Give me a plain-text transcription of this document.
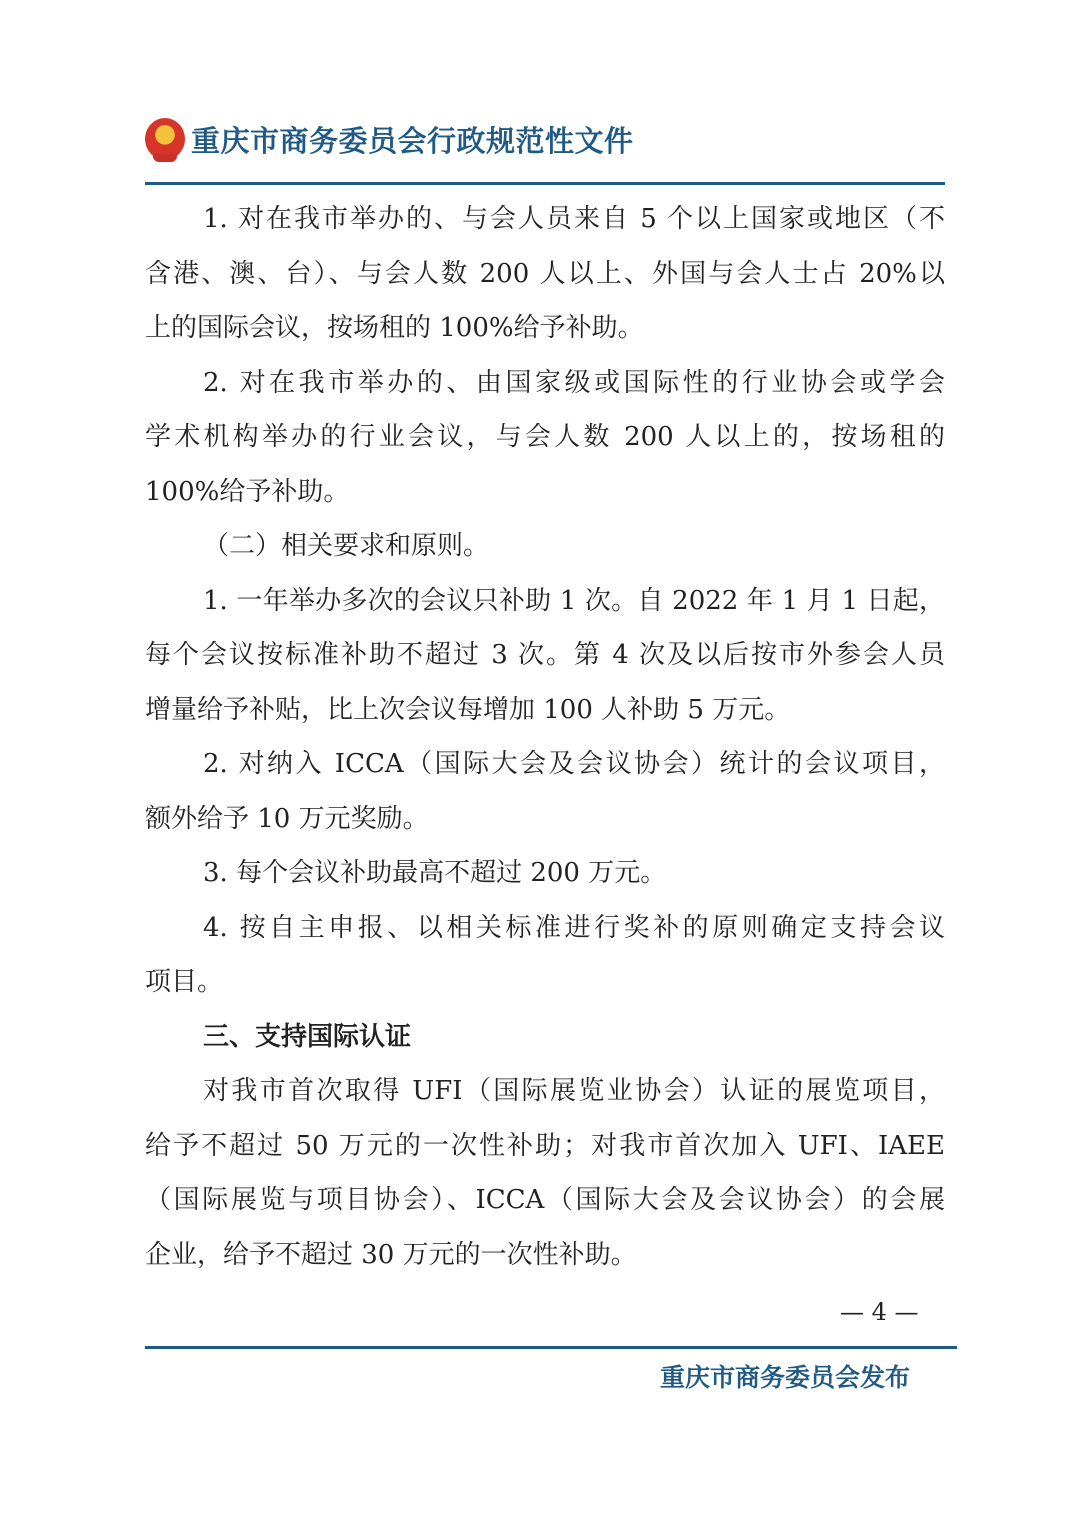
重庆市商务委员会行政规范性文件
1. 对在我市举办的、与会人员来自 5 个以上国家或地区（不
含港、澳、台）、与会人数 200 人以上、外国与会人士占 20%以
上的国际会议，按场租的 100%给予补助。
2. 对在我市举办的、由国家级或国际性的行业协会或学会
学术机构举办的行业会议，与会人数 200 人以上的，按场租的
100%给予补助。
（二）相关要求和原则。
1. 一年举办多次的会议只补助 1 次。自 2022 年 1 月 1 日起，
每个会议按标准补助不超过 3 次。第 4 次及以后按市外参会人员
增量给予补贴，比上次会议每增加 100 人补助 5 万元。
2. 对纳入 ICCA（国际大会及会议协会）统计的会议项目，
额外给予 10 万元奖励。
3. 每个会议补助最高不超过 200 万元。
4. 按自主申报、以相关标准进行奖补的原则确定支持会议
项目。
三、支持国际认证
对我市首次取得 UFI（国际展览业协会）认证的展览项目，
给予不超过 50 万元的一次性补助；对我市首次加入 UFI、IAEE
（国际展览与项目协会）、ICCA（国际大会及会议协会）的会展
企业，给予不超过 30 万元的一次性补助。
— 4 —
重庆市商务委员会发布
